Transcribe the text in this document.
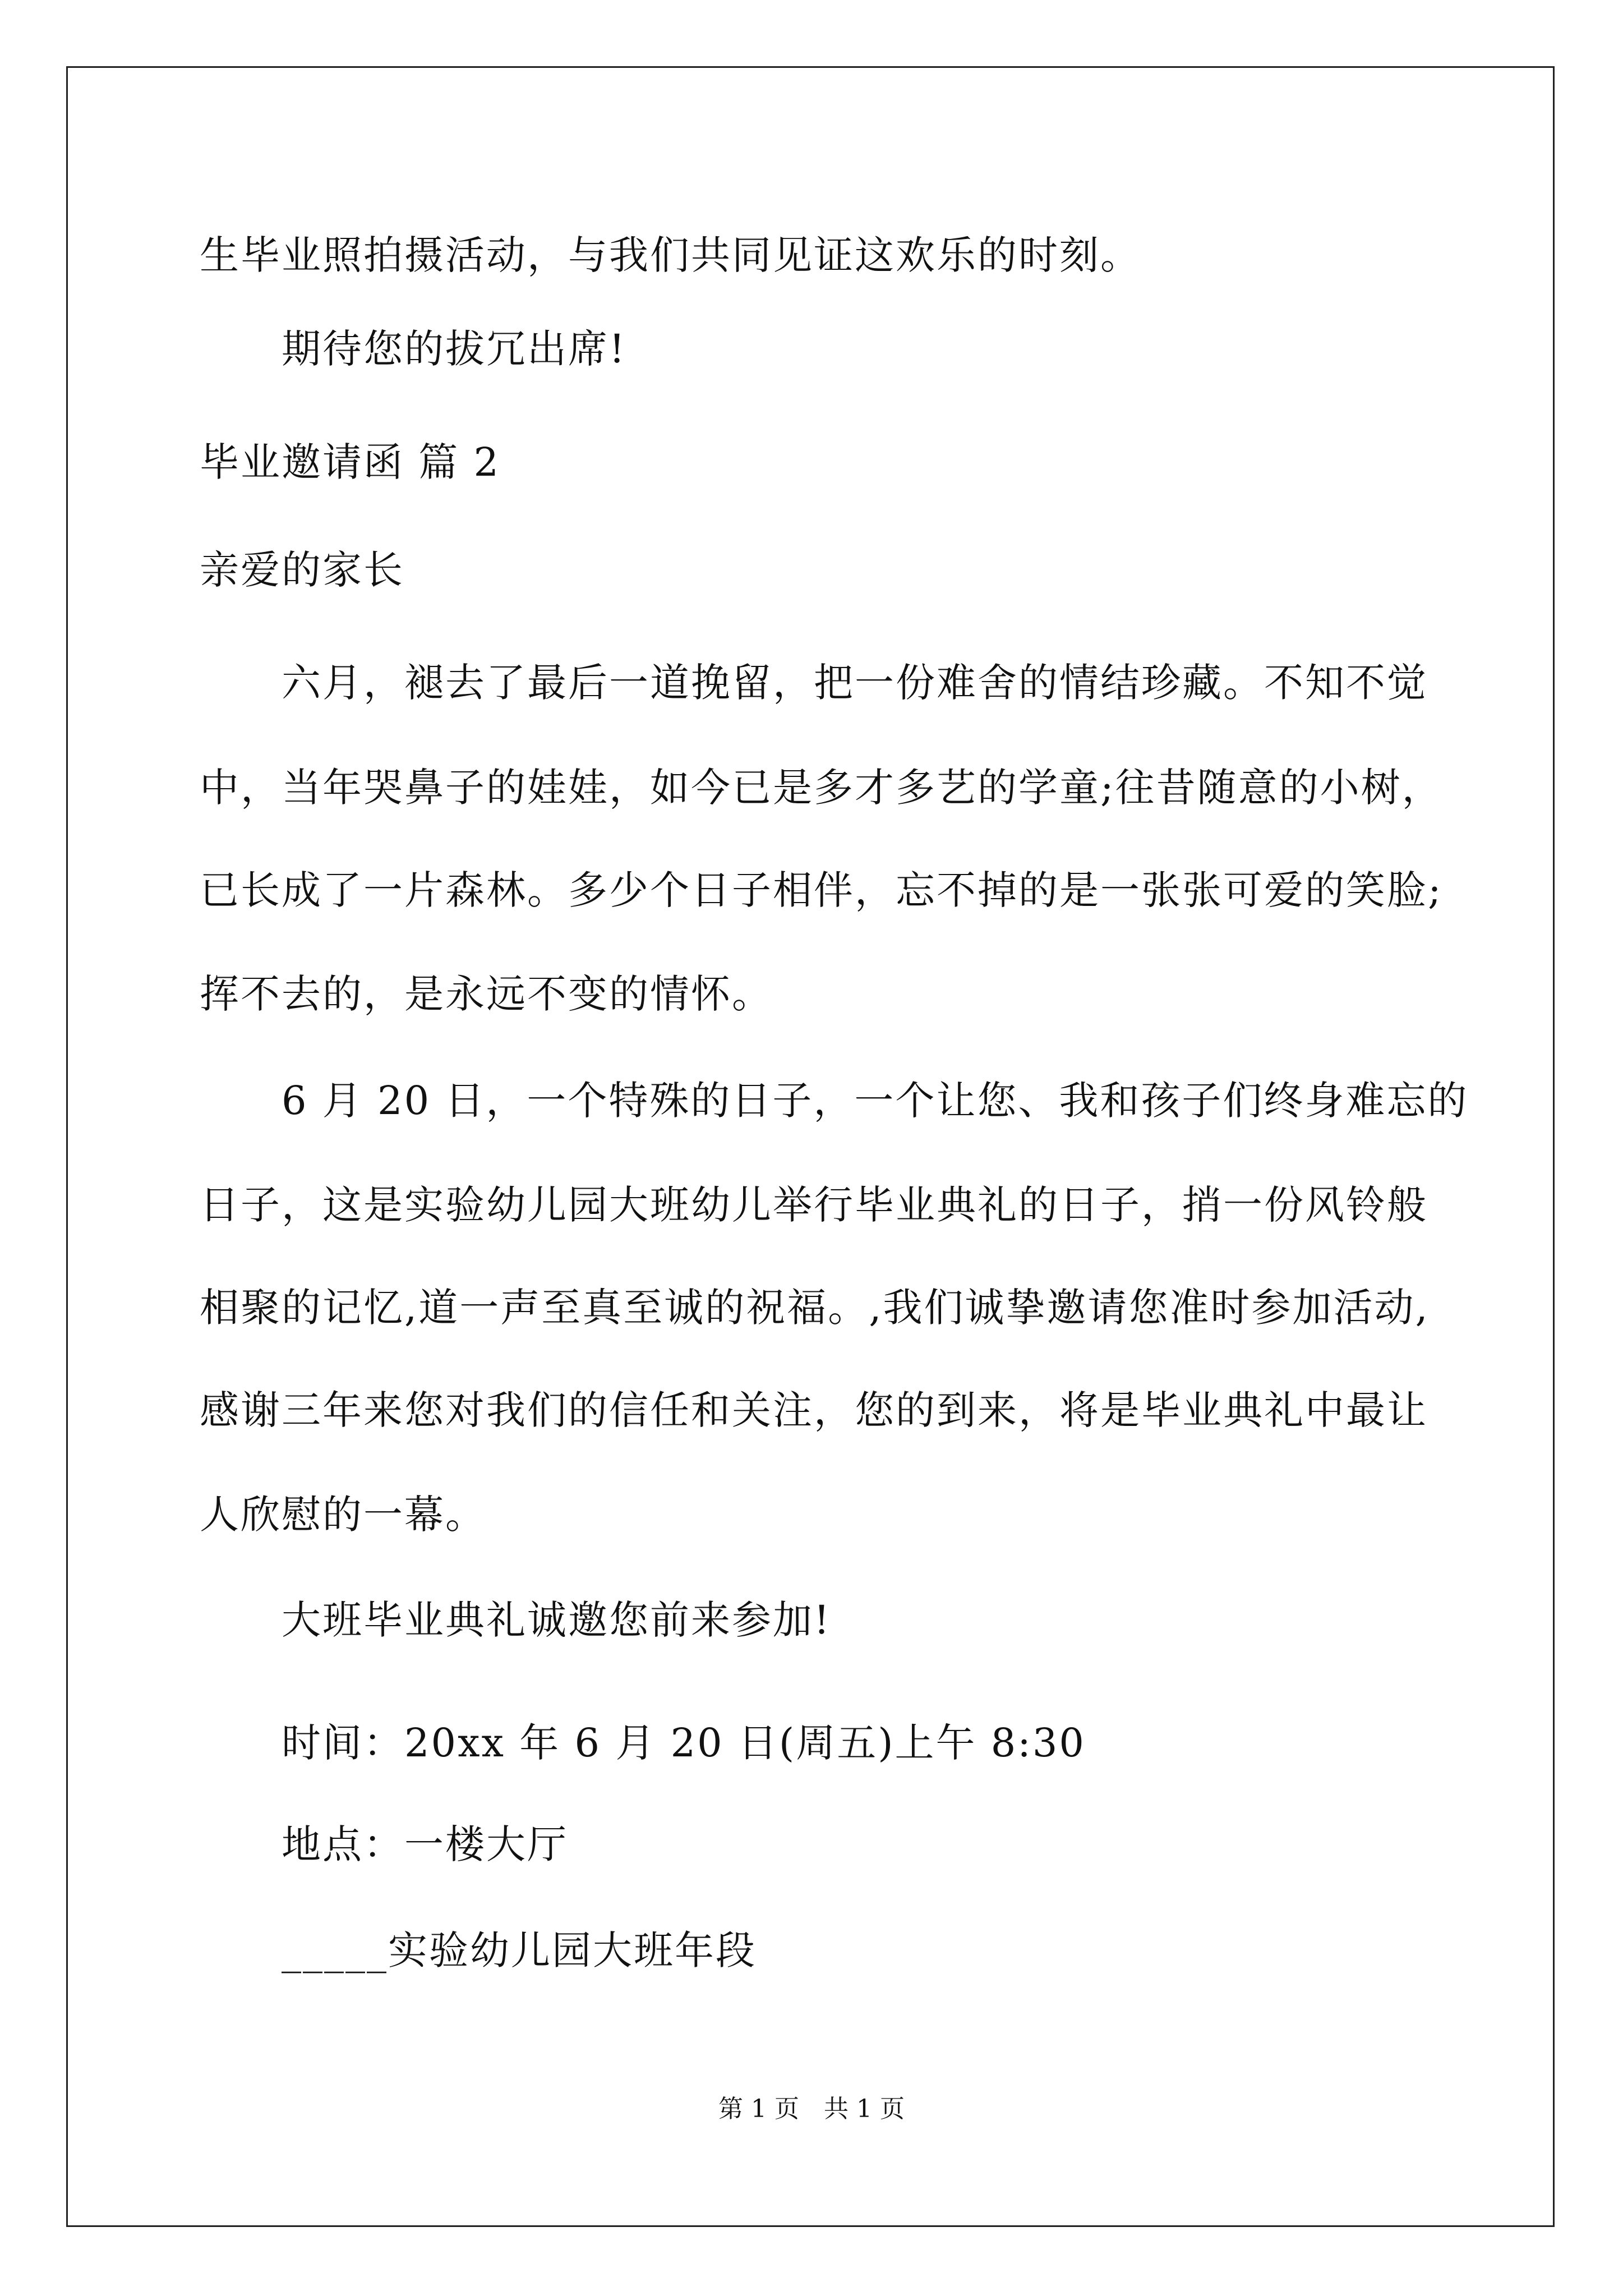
生毕业照拍摄活动，与我们共同见证这欢乐的时刻。
期待您的拔冗出席!
毕业邀请函 篇 2
亲爱的家长
六月，褪去了最后一道挽留，把一份难舍的情结珍藏。不知不觉
中，当年哭鼻子的娃娃，如今已是多才多艺的学童;往昔随意的小树，
已长成了一片森林。多少个日子相伴，忘不掉的是一张张可爱的笑脸;
挥不去的，是永远不变的情怀。
6 月 20 日，一个特殊的日子，一个让您、我和孩子们终身难忘的
日子，这是实验幼儿园大班幼儿举行毕业典礼的日子，捎一份风铃般
相聚的记忆,道一声至真至诚的祝福。,我们诚挚邀请您准时参加活动,
感谢三年来您对我们的信任和关注，您的到来，将是毕业典礼中最让
人欣慰的一幕。
大班毕业典礼诚邀您前来参加!
时间：20xx 年 6 月 20 日(周五)上午 8:30
地点：一楼大厅
_____实验幼儿园大班年段
第 1 页　共 1 页
